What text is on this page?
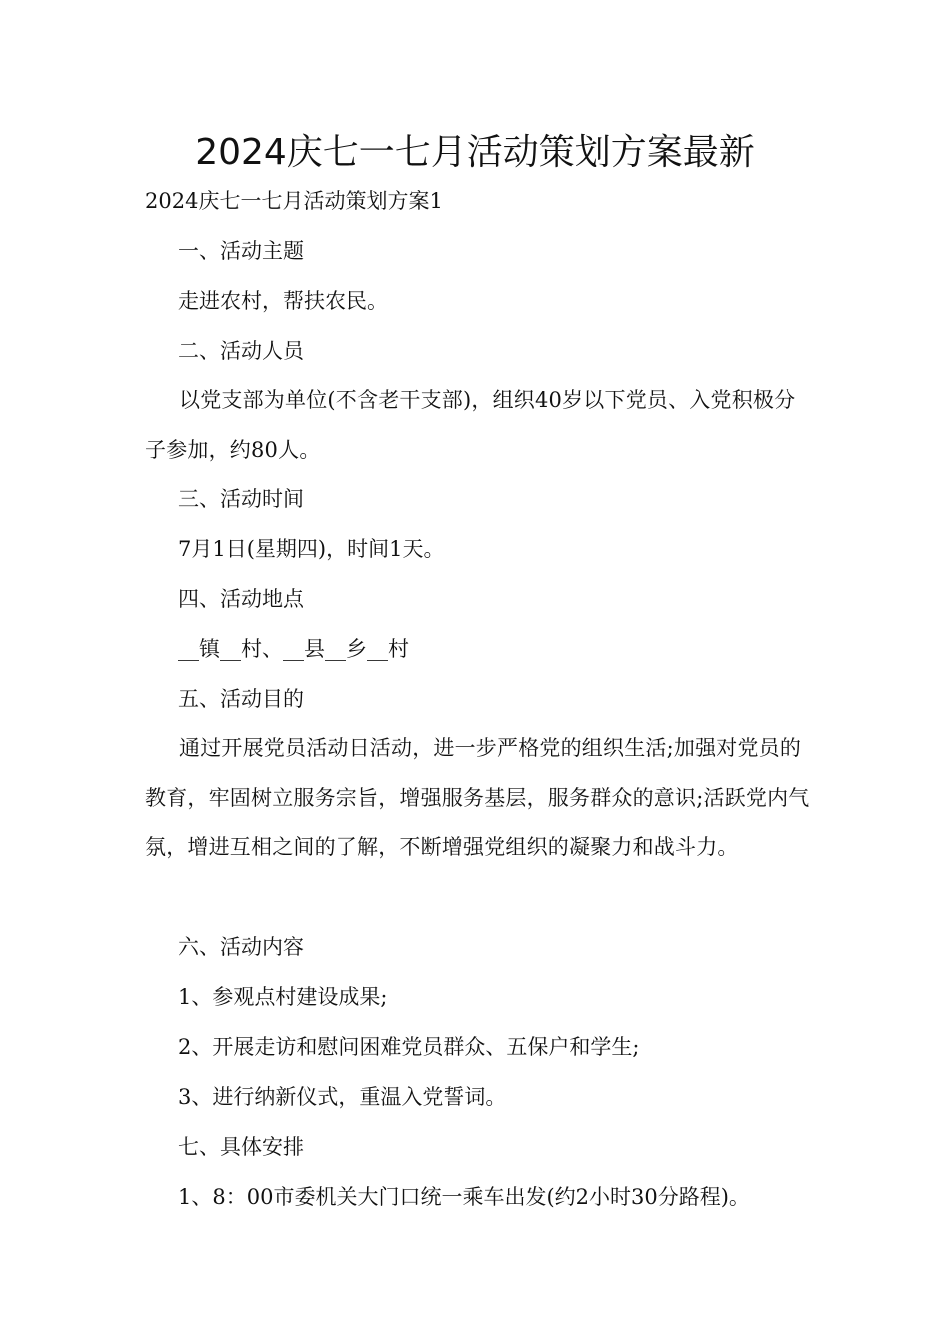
2024庆七一七月活动策划方案最新

2024庆七一七月活动策划方案1

一、活动主题

走进农村，帮扶农民。

二、活动人员

以党支部为单位(不含老干支部)，组织40岁以下党员、入党积极分子参加，约80人。

三、活动时间

7月1日(星期四)，时间1天。

四、活动地点

__镇__村、__县__乡__村

五、活动目的

通过开展党员活动日活动，进一步严格党的组织生活;加强对党员的教育，牢固树立服务宗旨，增强服务基层，服务群众的意识;活跃党内气氛，增进互相之间的了解，不断增强党组织的凝聚力和战斗力。

六、活动内容

1、参观点村建设成果;

2、开展走访和慰问困难党员群众、五保户和学生;

3、进行纳新仪式，重温入党誓词。

七、具体安排

1、8：00市委机关大门口统一乘车出发(约2小时30分路程)。
